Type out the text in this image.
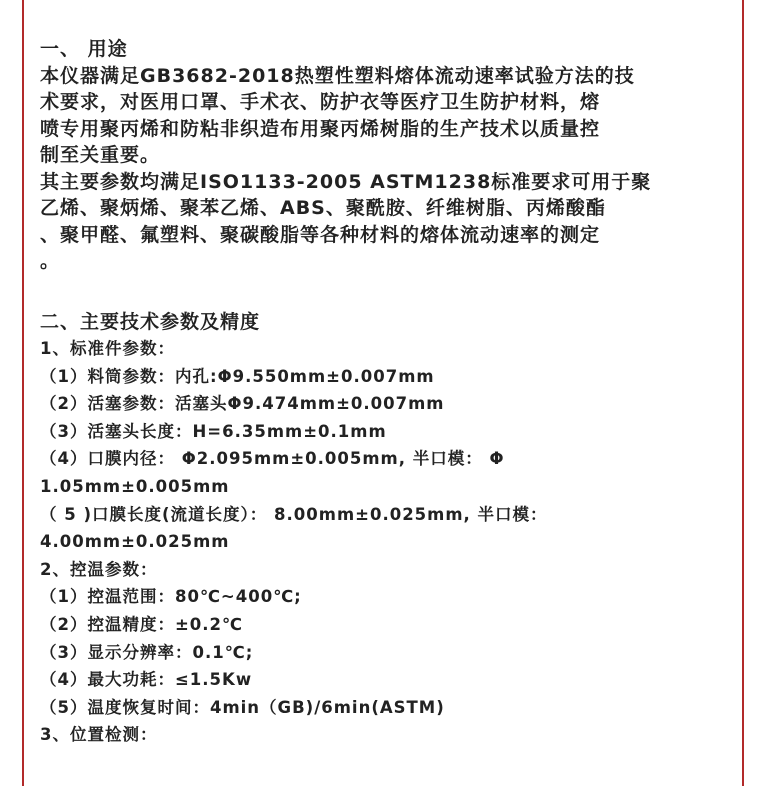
一、 用途
本仪器满足GB3682-2018热塑性塑料熔体流动速率试验方法的技
术要求，对医用口罩、手术衣、防护衣等医疗卫生防护材料，熔
喷专用聚丙烯和防粘非织造布用聚丙烯树脂的生产技术以质量控
制至关重要。
其主要参数均满足ISO1133-2005 ASTM1238标准要求可用于聚
乙烯、聚炳烯、聚苯乙烯、ABS、聚酰胺、纤维树脂、丙烯酸酯
、聚甲醛、氟塑料、聚碳酸脂等各种材料的熔体流动速率的测定
。
二、主要技术参数及精度
1、标准件参数：
（1）料筒参数：内孔:Φ9.550mm±0.007mm
（2）活塞参数：活塞头Φ9.474mm±0.007mm
（3）活塞头长度：H=6.35mm±0.1mm
（4）口膜内径： Φ2.095mm±0.005mm, 半口模： Φ
1.05mm±0.005mm
（ 5 )口膜长度(流道长度）： 8.00mm±0.025mm, 半口模：
4.00mm±0.025mm
2、控温参数：
（1）控温范围：80℃~400℃;
（2）控温精度：±0.2℃
（3）显示分辨率：0.1℃;
（4）最大功耗：≤1.5Kw
（5）温度恢复时间：4min（GB)/6min(ASTM)
3、位置检测：
